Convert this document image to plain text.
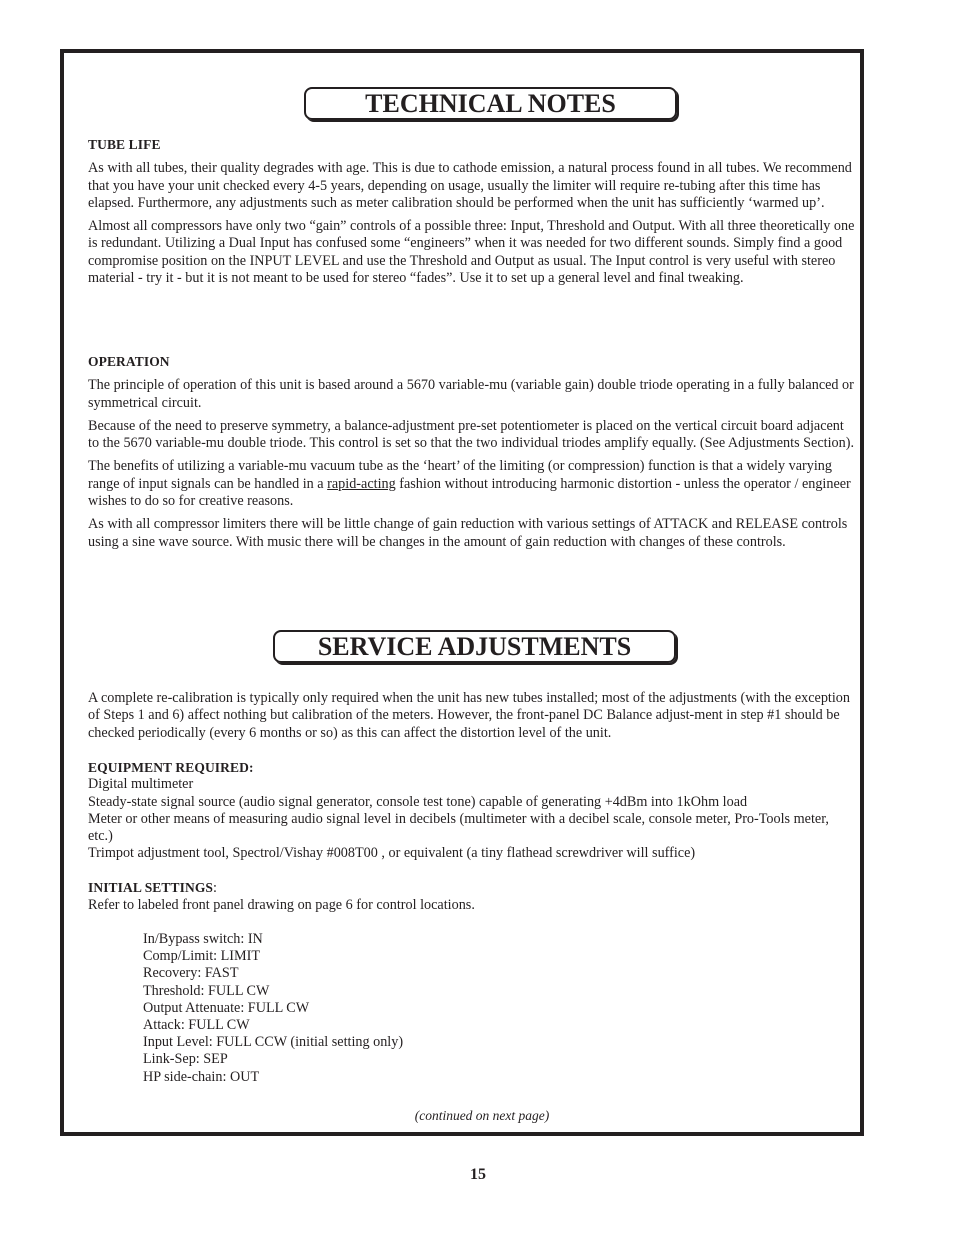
TECHNICAL NOTES

TUBE LIFE

As with all tubes, their quality degrades with age. This is due to cathode emission, a natural process found in all tubes. We recommend that you have your unit checked every 4-5 years, depending on usage, usually the limiter will require re-tubing after this time has elapsed. Furthermore, any adjustments such as meter calibration should be performed when the unit has sufficiently ‘warmed up’.

Almost all compressors have only two “gain” controls of a possible three: Input, Threshold and Output. With all three theoretically one is redundant. Utilizing a Dual Input has confused some “engineers” when it was needed for two different sounds. Simply find a good compromise position on the INPUT LEVEL and use the Threshold and Output as usual. The Input control is very useful with stereo material - try it - but it is not meant to be used for stereo “fades”. Use it to set up a general level and final tweaking.

OPERATION

The principle of operation of this unit is based around a 5670 variable-mu (variable gain) double triode operating in a fully balanced or symmetrical circuit.

Because of the need to preserve symmetry, a balance-adjustment pre-set potentiometer is placed on the vertical circuit board adjacent to the 5670 variable-mu double triode. This control is set so that the two individual triodes amplify equally. (See Adjustments Section).

The benefits of utilizing a variable-mu vacuum tube as the ‘heart’ of the limiting (or compression) function is that a widely varying range of input signals can be handled in a rapid-acting fashion without introducing harmonic distortion - unless the operator / engineer wishes to do so for creative reasons.

As with all compressor limiters there will be little change of gain reduction with various settings of ATTACK and RELEASE controls using a sine wave source. With music there will be changes in the amount of gain reduction with changes of these controls.

SERVICE ADJUSTMENTS
A complete re-calibration is typically only required when the unit has new tubes installed; most of the adjustments (with the exception of Steps 1 and 6) affect nothing but calibration of the meters. However, the front-panel DC Balance adjust-ment in step #1 should be checked periodically (every 6 months or so) as this can affect the distortion level of the unit.

EQUIPMENT REQUIRED:

Digital multimeter

Steady-state signal source (audio signal generator, console test tone) capable of generating +4dBm into 1kOhm load

Meter or other means of measuring audio signal level in decibels (multimeter with a decibel scale, console meter, Pro-Tools meter, etc.)

Trimpot adjustment tool, Spectrol/Vishay #008T00 , or equivalent (a tiny flathead screwdriver will suffice)

INITIAL SETTINGS:

Refer to labeled front panel drawing on page 6 for control locations.

In/Bypass switch: IN
Comp/Limit: LIMIT
Recovery: FAST
Threshold: FULL CW
Output Attenuate: FULL CW
Attack: FULL CW
Input Level: FULL CCW (initial setting only)
Link-Sep: SEP
HP side-chain: OUT
(continued on next page)
15
